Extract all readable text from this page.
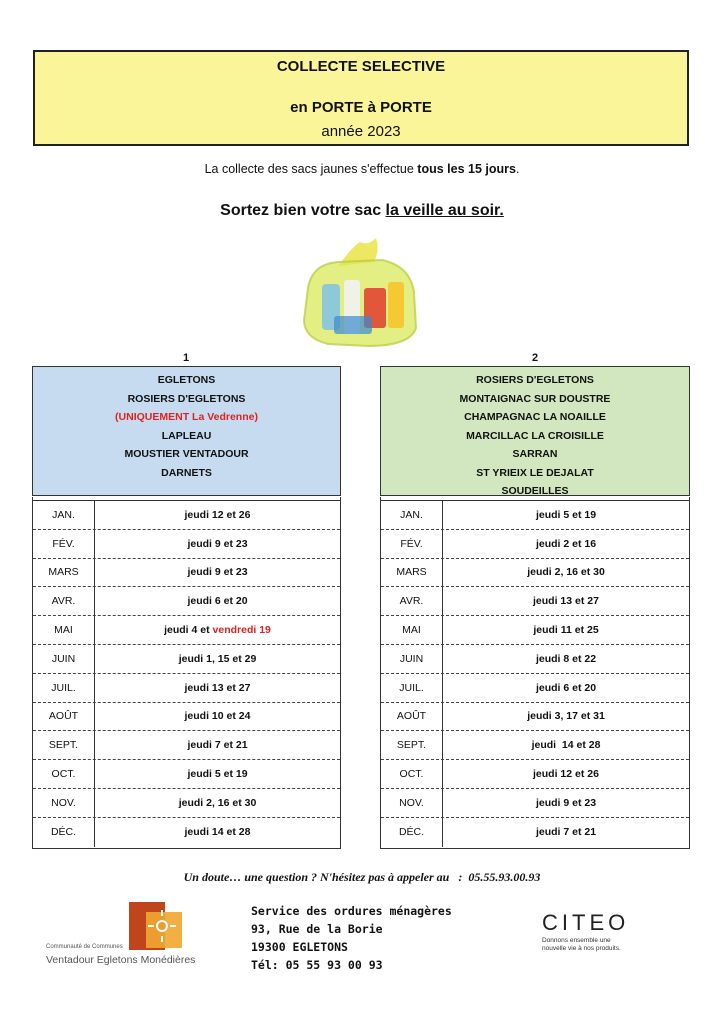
COLLECTE SELECTIVE
en PORTE à PORTE
année 2023
La collecte des sacs jaunes s'effectue tous les 15 jours.
Sortez bien votre sac la veille au soir.
1	2
EGLETONS
ROSIERS D'EGLETONS
(UNIQUEMENT La Vedrenne)
LAPLEAU
MOUSTIER VENTADOUR
DARNETS
ROSIERS D'EGLETONS
MONTAIGNAC SUR DOUSTRE
CHAMPAGNAC LA NOAILLE
MARCILLAC LA CROISILLE
SARRAN
ST YRIEIX LE DEJALAT
SOUDEILLES
JAN.	jeudi 12 et 26
FÉV.	jeudi 9 et 23
MARS	jeudi 9 et 23
AVR.	jeudi 6 et 20
MAI	jeudi 4 et vendredi 19
JUIN	jeudi 1, 15 et 29
JUIL.	jeudi 13 et 27
AOÛT	jeudi 10 et 24
SEPT.	jeudi 7 et 21
OCT.	jeudi 5 et 19
NOV.	jeudi 2, 16 et 30
DÉC.	jeudi 14 et 28
JAN.	jeudi 5 et 19
FÉV.	jeudi 2 et 16
MARS	jeudi 2, 16 et 30
AVR.	jeudi 13 et 27
MAI	jeudi 11 et 25
JUIN	jeudi 8 et 22
JUIL.	jeudi 6 et 20
AOÛT	jeudi 3, 17 et 31
SEPT.	jeudi  14 et 28
OCT.	jeudi 12 et 26
NOV.	jeudi 9 et 23
DÉC.	jeudi 7 et 21
Un doute… une question ? N'hésitez pas à appeler au   :  05.55.93.00.93
Communauté de Communes
Ventadour Egletons Monédières
Service des ordures ménagères
93, Rue de la Borie
19300 EGLETONS
Tél: 05 55 93 00 93
CITEO
Donnons ensemble une
nouvelle vie à nos produits.
